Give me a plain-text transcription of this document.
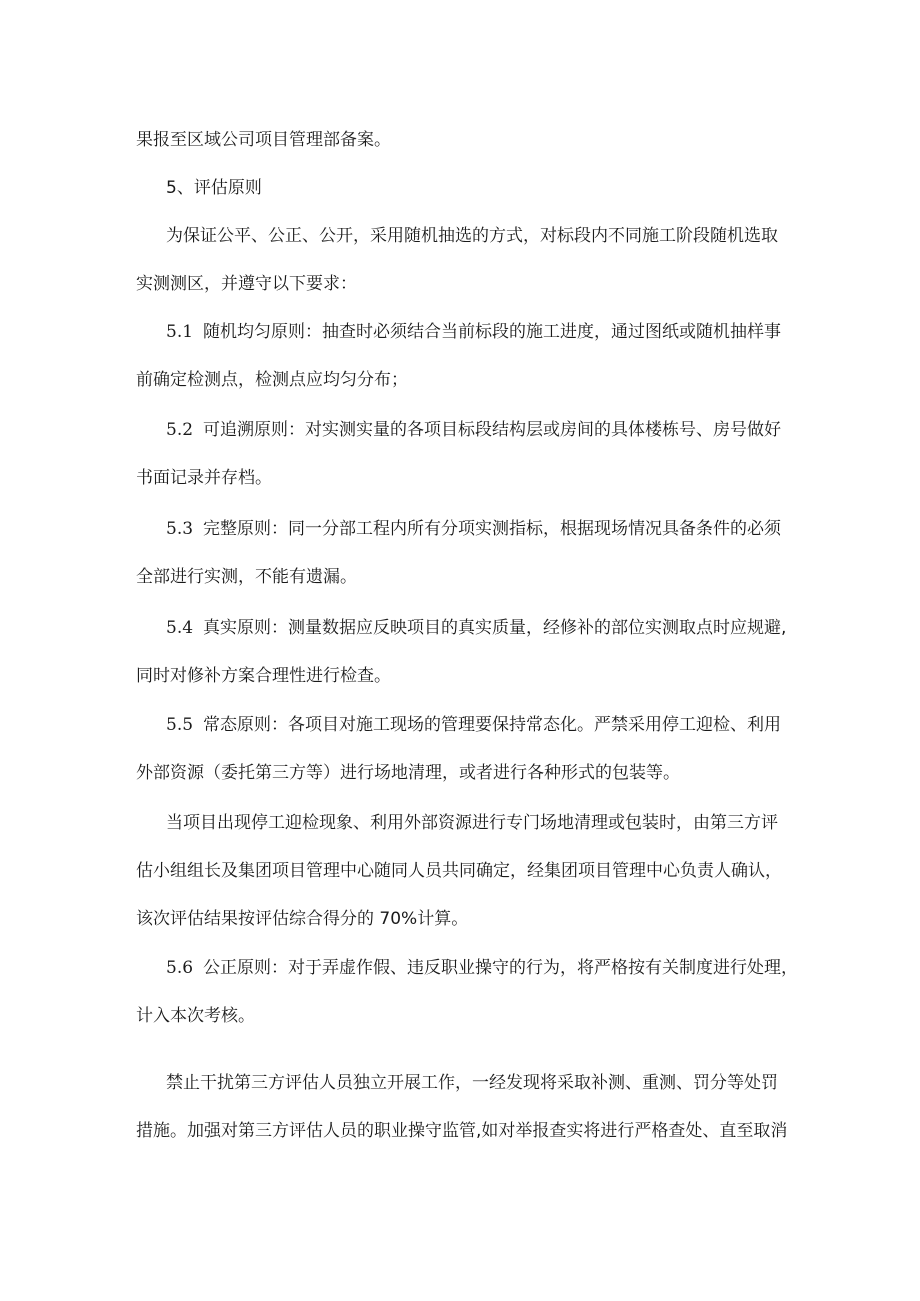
果报至区域公司项目管理部备案。
5、评估原则
为保证公平、公正、公开，采用随机抽选的方式，对标段内不同施工阶段随机选取
实测测区，并遵守以下要求：
5.1 随机均匀原则：抽查时必须结合当前标段的施工进度，通过图纸或随机抽样事
前确定检测点，检测点应均匀分布；
5.2 可追溯原则：对实测实量的各项目标段结构层或房间的具体楼栋号、房号做好
书面记录并存档。
5.3 完整原则：同一分部工程内所有分项实测指标，根据现场情况具备条件的必须
全部进行实测，不能有遗漏。
5.4 真实原则：测量数据应反映项目的真实质量，经修补的部位实测取点时应规避,
同时对修补方案合理性进行检查。
5.5 常态原则：各项目对施工现场的管理要保持常态化。严禁采用停工迎检、利用
外部资源（委托第三方等）进行场地清理，或者进行各种形式的包装等。
当项目出现停工迎检现象、利用外部资源进行专门场地清理或包装时，由第三方评
估小组组长及集团项目管理中心随同人员共同确定，经集团项目管理中心负责人确认，
该次评估结果按评估综合得分的 70%计算。
5.6 公正原则：对于弄虚作假、违反职业操守的行为，将严格按有关制度进行处理，
计入本次考核。
禁止干扰第三方评估人员独立开展工作，一经发现将采取补测、重测、罚分等处罚
措施。加强对第三方评估人员的职业操守监管,如对举报查实将进行严格查处、直至取消
